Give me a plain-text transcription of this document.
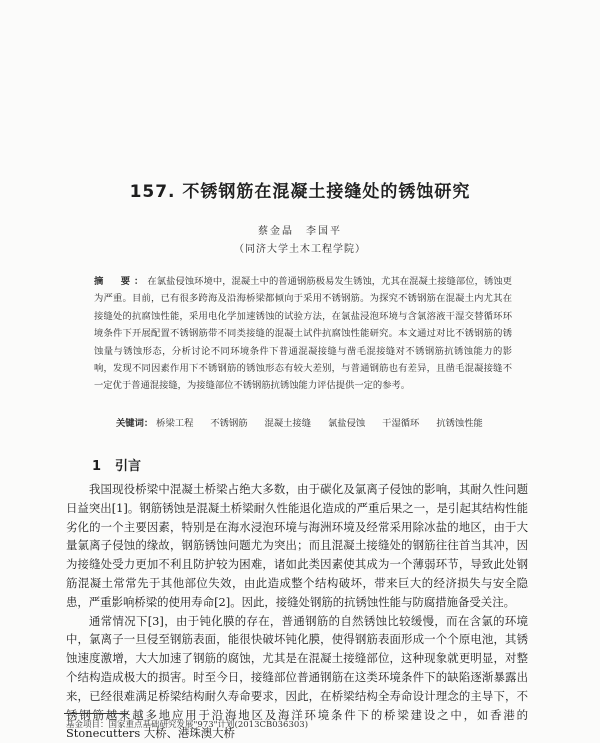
157. 不锈钢筋在混凝土接缝处的锈蚀研究
蔡金晶　李国平
（同济大学土木工程学院）
摘　要：在氯盐侵蚀环境中，混凝土中的普通钢筋极易发生锈蚀，尤其在混凝土接缝部位，锈蚀更为严重。目前，已有很多跨海及沿海桥梁都倾向于采用不锈钢筋。为探究不锈钢筋在混凝土内尤其在接缝处的抗腐蚀性能，采用电化学加速锈蚀的试验方法，在氯盐浸泡环境与含氯溶液干湿交替循环环境条件下开展配置不锈钢筋带不同类接缝的混凝土试件抗腐蚀性能研究。本文通过对比不锈钢筋的锈蚀量与锈蚀形态，分析讨论不同环境条件下普通混凝接缝与凿毛混接缝对不锈钢筋抗锈蚀能力的影响，发现不同因素作用下不锈钢筋的锈蚀形态有较大差别，与普通钢筋也有差异，且凿毛混凝接缝不一定优于普通混接缝，为接缝部位不锈钢筋抗锈蚀能力评估提供一定的参考。
关键词： 桥梁工程 不锈钢筋 混凝土接缝 氯盐侵蚀 干湿循环 抗锈蚀性能
1 引言

我国现役桥梁中混凝土桥梁占绝大多数，由于碳化及氯离子侵蚀的影响，其耐久性问题日益突出[1]。钢筋锈蚀是混凝土桥梁耐久性能退化造成的严重后果之一，是引起其结构性能劣化的一个主要因素，特别是在海水浸泡环境与海洲环境及经常采用除冰盐的地区，由于大量氯离子侵蚀的缘故，钢筋锈蚀问题尤为突出；而且混凝土接缝处的钢筋往往首当其冲，因为接缝处受力更加不利且防护较为困难，诸如此类因素使其成为一个薄弱环节，导致此处钢筋混凝土常常先于其他部位失效，由此造成整个结构破坏，带来巨大的经济损失与安全隐患，严重影响桥梁的使用寿命[2]。因此，接缝处钢筋的抗锈蚀性能与防腐措施备受关注。

通常情况下[3]，由于钝化膜的存在，普通钢筋的自然锈蚀比较缓慢，而在含氯的环境中，氯离子一旦侵至钢筋表面，能很快破坏钝化膜，使得钢筋表面形成一个个原电池，其锈蚀速度激增，大大加速了钢筋的腐蚀，尤其是在混凝土接缝部位，这种现象就更明显，对整个结构造成极大的损害。时至今日，接缝部位普通钢筋在这类环境条件下的缺陷逐渐暴露出来，已经很难满足桥梁结构耐久寿命要求，因此，在桥梁结构全寿命设计理念的主导下，不锈钢筋越来越多地应用于沿海地区及海洋环境条件下的桥梁建设之中，如香港的 Stonecutters 大桥、港珠澳大桥

基金项目：国家重点基础研究发展"973"计划(2013CB036303)
